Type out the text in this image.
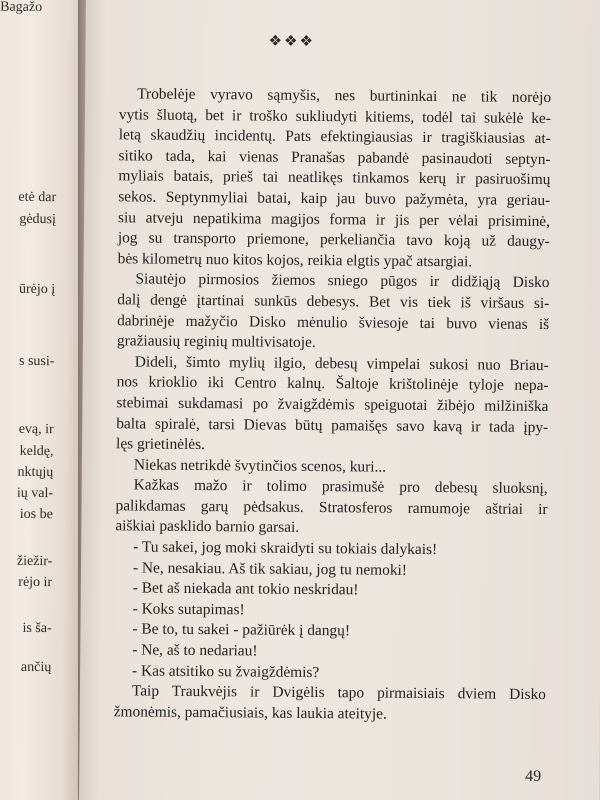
Bagažo
etė dar
gėdusį
ūrėjo į
s susi-
evą, ir
keldę,
nktųjų
ių val-
ios be
žiežir-
rėjo ir
is ša-
ančių
❖❖❖
Trobelėje vyravo sąmyšis, nes burtininkai ne tik norėjo
vytis šluotą, bet ir troško sukliudyti kitiems, todėl tai sukėlė ke-
letą skaudžių incidentų. Pats efektingiausias ir tragiškiausias at-
sitiko tada, kai vienas Pranašas pabandė pasinaudoti septyn-
myliais batais, prieš tai neatlikęs tinkamos kerų ir pasiruošimų
sekos. Septynmyliai batai, kaip jau buvo pažymėta, yra geriau-
siu atveju nepatikima magijos forma ir jis per vėlai prisiminė,
jog su transporto priemone, perkeliančia tavo koją už daugy-
bės kilometrų nuo kitos kojos, reikia elgtis ypač atsargiai.
Siautėjo pirmosios žiemos sniego pūgos ir didžiąją Disko
dalį dengė įtartinai sunkūs debesys. Bet vis tiek iš viršaus si-
dabrinėje mažyčio Disko mėnulio šviesoje tai buvo vienas iš
gražiausių reginių multivisatoje.
Dideli, šimto mylių ilgio, debesų vimpelai sukosi nuo Briau-
nos krioklio iki Centro kalnų. Šaltoje krištolinėje tyloje nepa-
stebimai sukdamasi po žvaigždėmis speiguotai žibėjo milžiniška
balta spiralė, tarsi Dievas būtų pamaišęs savo kavą ir tada įpy-
lęs grietinėlės.
Niekas netrikdė švytinčios scenos, kuri...
Kažkas mažo ir tolimo prasimušė pro debesų sluoksnį,
palikdamas garų pėdsakus. Stratosferos ramumoje aštriai ir
aiškiai pasklido barnio garsai.
- Tu sakei, jog moki skraidyti su tokiais dalykais!
- Ne, nesakiau. Aš tik sakiau, jog tu nemoki!
- Bet aš niekada ant tokio neskridau!
- Koks sutapimas!
- Be to, tu sakei - pažiūrėk į dangų!
- Ne, aš to nedariau!
- Kas atsitiko su žvaigždėmis?
Taip Traukvėjis ir Dvigėlis tapo pirmaisiais dviem Disko
žmonėmis, pamačiusiais, kas laukia ateityje.
49
